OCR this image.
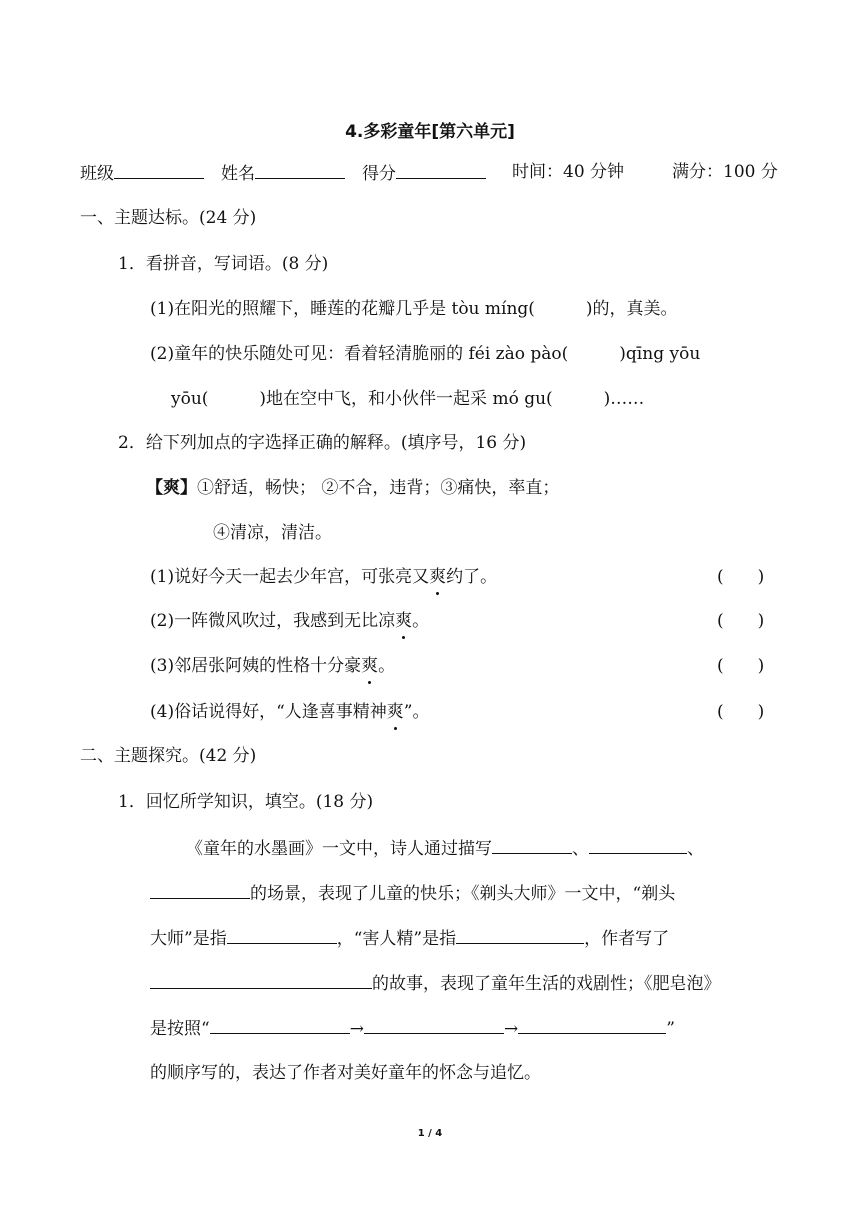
4.多彩童年[第六单元]
班级	姓名	得分	时间：40 分钟	满分：100 分
一、主题达标。(24 分)
1．看拼音，写词语。(8 分)
(1)在阳光的照耀下，睡莲的花瓣几乎是 tòu míng(　　　)的，真美。
(2)童年的快乐随处可见：看着轻清脆丽的 féi zào pào(　　　)qīng yōu
yōu(　　　)地在空中飞，和小伙伴一起采 mó gu(　　　)……
2．给下列加点的字选择正确的解释。(填序号，16 分)
【爽】①舒适，畅快； ②不合，违背；③痛快，率直；
④清凉，清洁。
(1)说好今天一起去少年宫，可张亮又爽约了。	(　　)
(2)一阵微风吹过，我感到无比凉爽。	(　　)
(3)邻居张阿姨的性格十分豪爽。	(　　)
(4)俗话说得好，“人逢喜事精神爽”。	(　　)
二、主题探究。(42 分)
1．回忆所学知识，填空。(18 分)
《童年的水墨画》一文中，诗人通过描写	、	、
的场景，表现了儿童的快乐；《剃头大师》一文中，“剃头
大师”是指	，“害人精”是指	，作者写了
的故事，表现了童年生活的戏剧性；《肥皂泡》
是按照“	→	→	”
的顺序写的，表达了作者对美好童年的怀念与追忆。
1 / 4
